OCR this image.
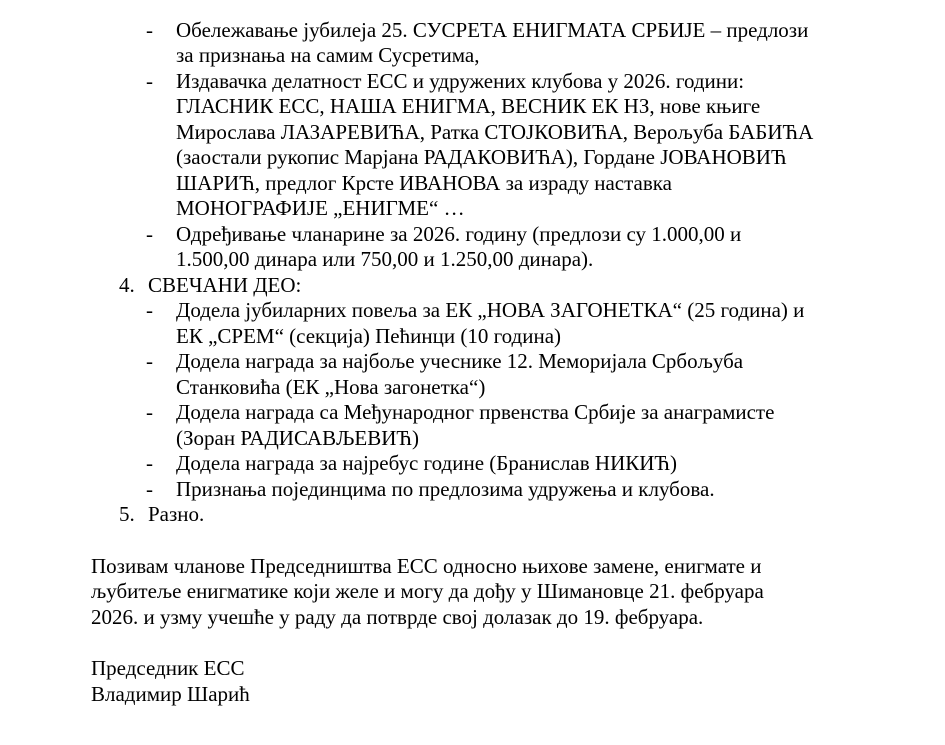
- Обележавање јубилеја 25. СУСРЕТА ЕНИГМАТА СРБИЈЕ – предлози
за признања на самим Сусретима,
- Издавачка делатност ЕСС и удружених клубова у 2026. години:
ГЛАСНИК ЕСС, НАША ЕНИГМА, ВЕСНИК ЕК НЗ, нове књиге
Мирослава ЛАЗАРЕВИЋА, Ратка СТОЈКОВИЋА, Верољуба БАБИЋА
(заостали рукопис Марјана РАДАКОВИЋА), Гордане ЈОВАНОВИЋ
ШАРИЋ, предлог Крсте ИВАНОВА за израду наставка
МОНОГРАФИЈЕ „ЕНИГМЕ“ …
- Одређивање чланарине за 2026. годину (предлози су 1.000,00 и
1.500,00 динара или 750,00 и 1.250,00 динара).
4. СВЕЧАНИ ДЕО:
- Додела јубиларних повеља за ЕК „НОВА ЗАГОНЕТКА“ (25 година) и
ЕК „СРЕМ“ (секција) Пећинци (10 година)
- Додела награда за најбоље учеснике 12. Меморијала Србољуба
Станковића (ЕК „Нова загонетка“)
- Додела награда са Међународног првенства Србије за анаграмисте
(Зоран РАДИСАВЉЕВИЋ)
- Додела награда за најребус године (Бранислав НИКИЋ)
- Признања појединцима по предлозима удружења и клубова.
5. Разно.
Позивам чланове Председништва ЕСС односно њихове замене, енигмате и
љубитеље енигматике који желе и могу да дођу у Шимановце 21. фебруара
2026. и узму учешће у раду да потврде свој долазак до 19. фебруара.
Председник ЕСС
Владимир Шарић
